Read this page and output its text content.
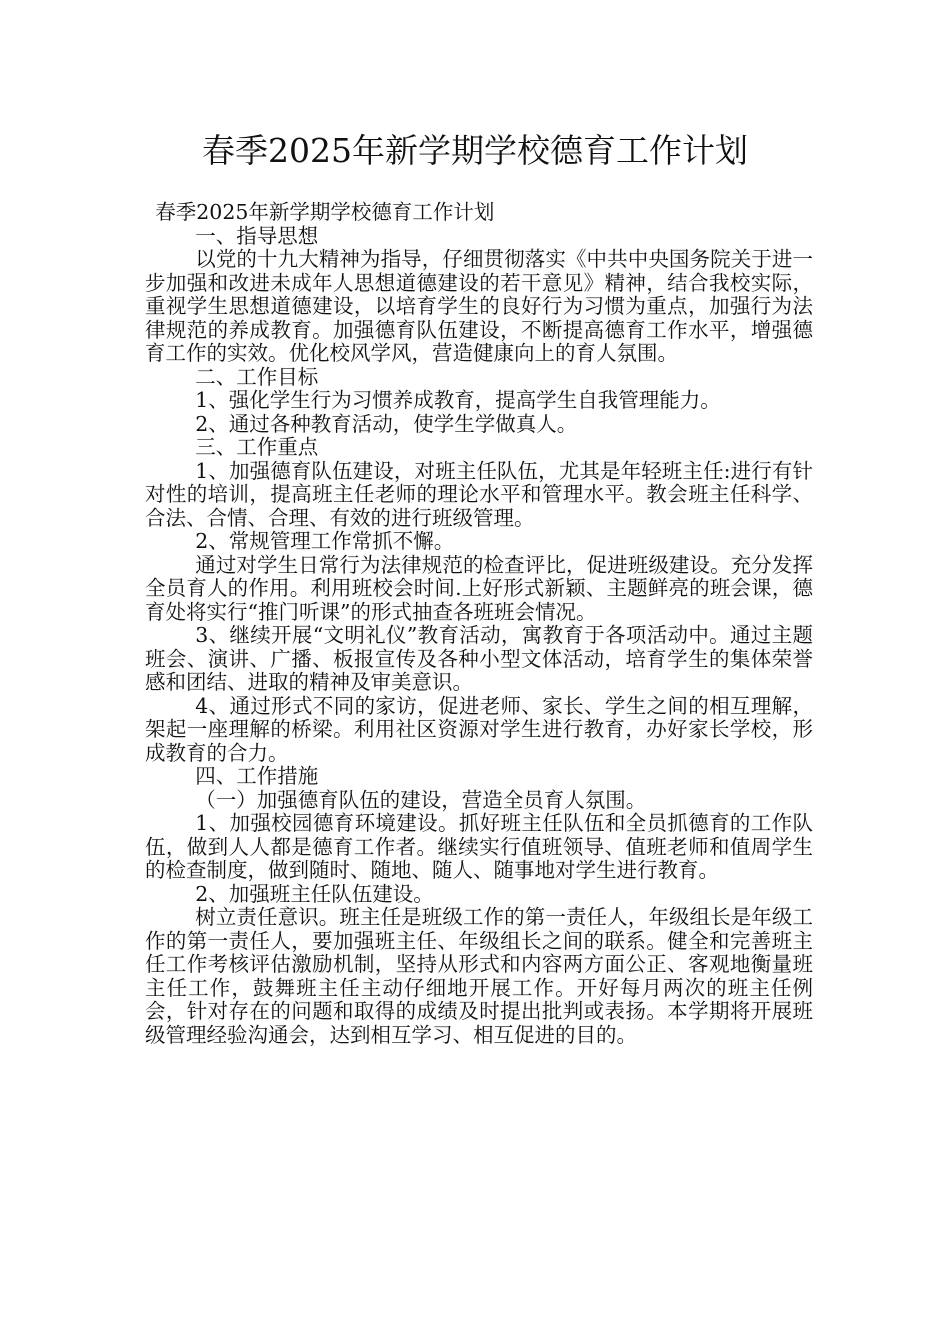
春季2025年新学期学校德育工作计划

春季2025年新学期学校德育工作计划

一、指导思想

以党的十九大精神为指导，仔细贯彻落实《中共中央国务院关于进一步加强和改进未成年人思想道德建设的若干意见》精神，结合我校实际，重视学生思想道德建设，以培育学生的良好行为习惯为重点，加强行为法律规范的养成教育。加强德育队伍建设，不断提高德育工作水平，增强德育工作的实效。优化校风学风，营造健康向上的育人氛围。

二、工作目标

1、强化学生行为习惯养成教育，提高学生自我管理能力。

2、通过各种教育活动，使学生学做真人。

三、工作重点

1、加强德育队伍建设，对班主任队伍，尤其是年轻班主任:进行有针对性的培训，提高班主任老师的理论水平和管理水平。教会班主任科学、合法、合情、合理、有效的进行班级管理。

2、常规管理工作常抓不懈。

通过对学生日常行为法律规范的检查评比，促进班级建设。充分发挥全员育人的作用。利用班校会时间.上好形式新颖、主题鲜亮的班会课，德育处将实行“推门听课”的形式抽查各班班会情况。

3、继续开展“文明礼仪”教育活动，寓教育于各项活动中。通过主题班会、演讲、广播、板报宣传及各种小型文体活动，培育学生的集体荣誉感和团结、进取的精神及审美意识。

4、通过形式不同的家访，促进老师、家长、学生之间的相互理解，架起一座理解的桥梁。利用社区资源对学生进行教育，办好家长学校，形成教育的合力。

四、工作措施

（一）加强德育队伍的建设，营造全员育人氛围。

1、加强校园德育环境建设。抓好班主任队伍和全员抓德育的工作队伍，做到人人都是德育工作者。继续实行值班领导、值班老师和值周学生的检查制度，做到随时、随地、随人、随事地对学生进行教育。

2、加强班主任队伍建设。

树立责任意识。班主任是班级工作的第一责任人，年级组长是年级工作的第一责任人，要加强班主任、年级组长之间的联系。健全和完善班主任工作考核评估激励机制，坚持从形式和内容两方面公正、客观地衡量班主任工作，鼓舞班主任主动仔细地开展工作。开好每月两次的班主任例会，针对存在的问题和取得的成绩及时提出批判或表扬。本学期将开展班级管理经验沟通会，达到相互学习、相互促进的目的。
